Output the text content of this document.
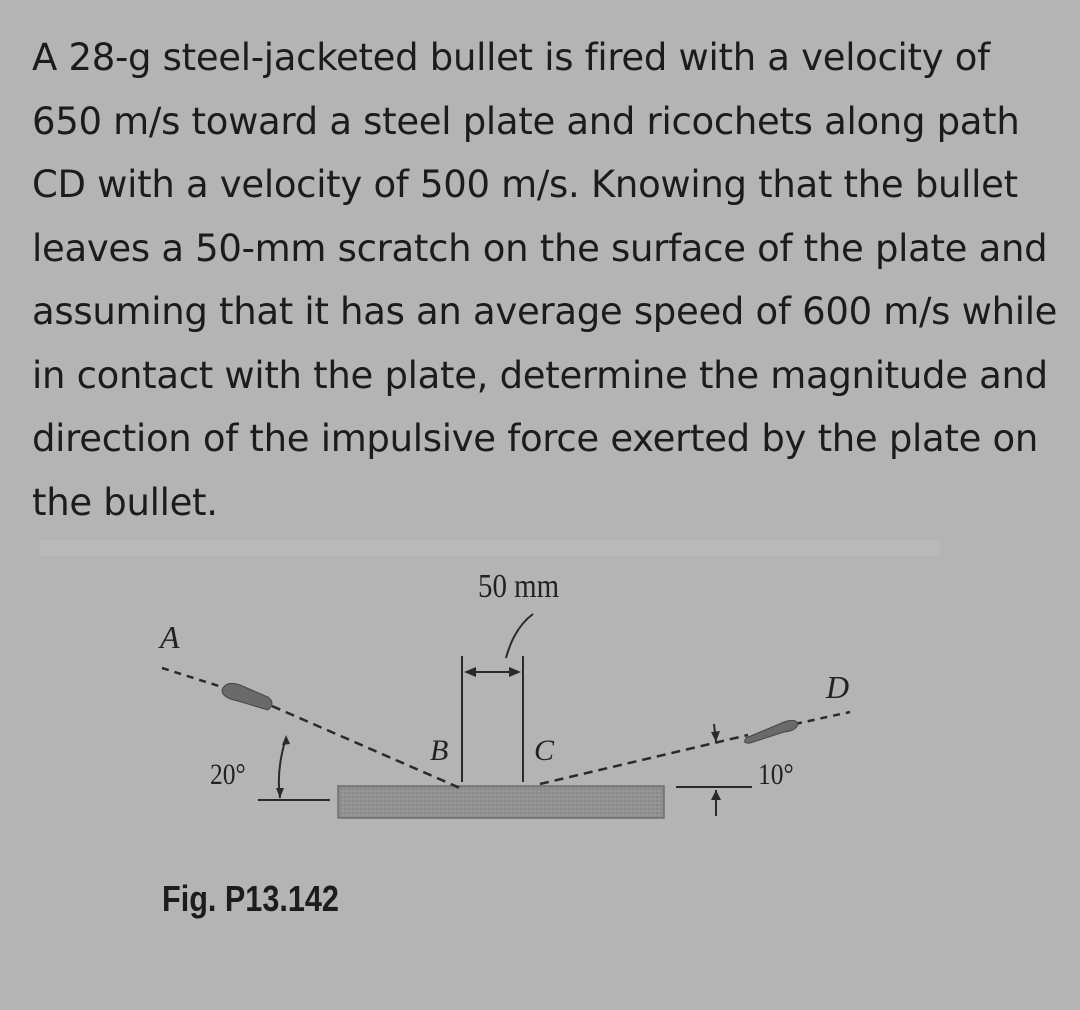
A 28-g steel-jacketed bullet is fired with a velocity of 650 m/s toward a steel plate and ricochets along path CD with a velocity of 500 m/s. Knowing that the bullet leaves a 50-mm scratch on the surface of the plate and assuming that it has an average speed of 600 m/s while in contact with the plate, determine the magnitude and direction of the impulsive force exerted by the plate on the bullet.

50 mm
A
B	C
D
20°	10°

Fig. P13.142
